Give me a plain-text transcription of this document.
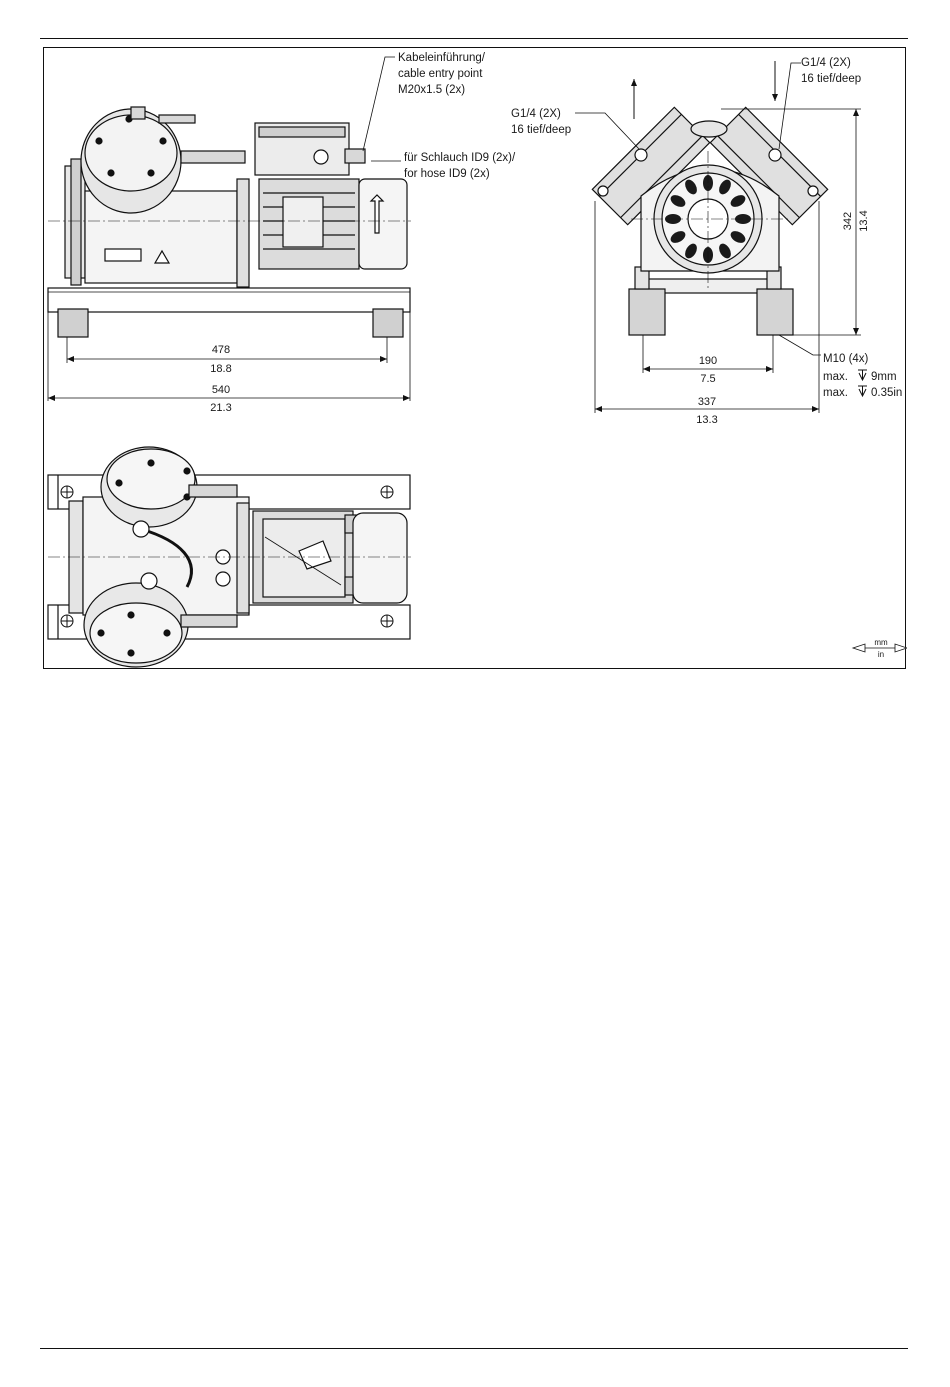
478
18.8
540
21.3
Kabeleinführung/
cable entry point
M20x1.5 (2x)
für Schlauch ID9 (2x)/
for hose ID9 (2x)
G1/4 (2X)
16 tief/deep
G1/4 (2X)
16 tief/deep
M10 (4x)
max. 9mm
max. 0.35in
190
7.5
337
13.3
342 13.4
mm
in
